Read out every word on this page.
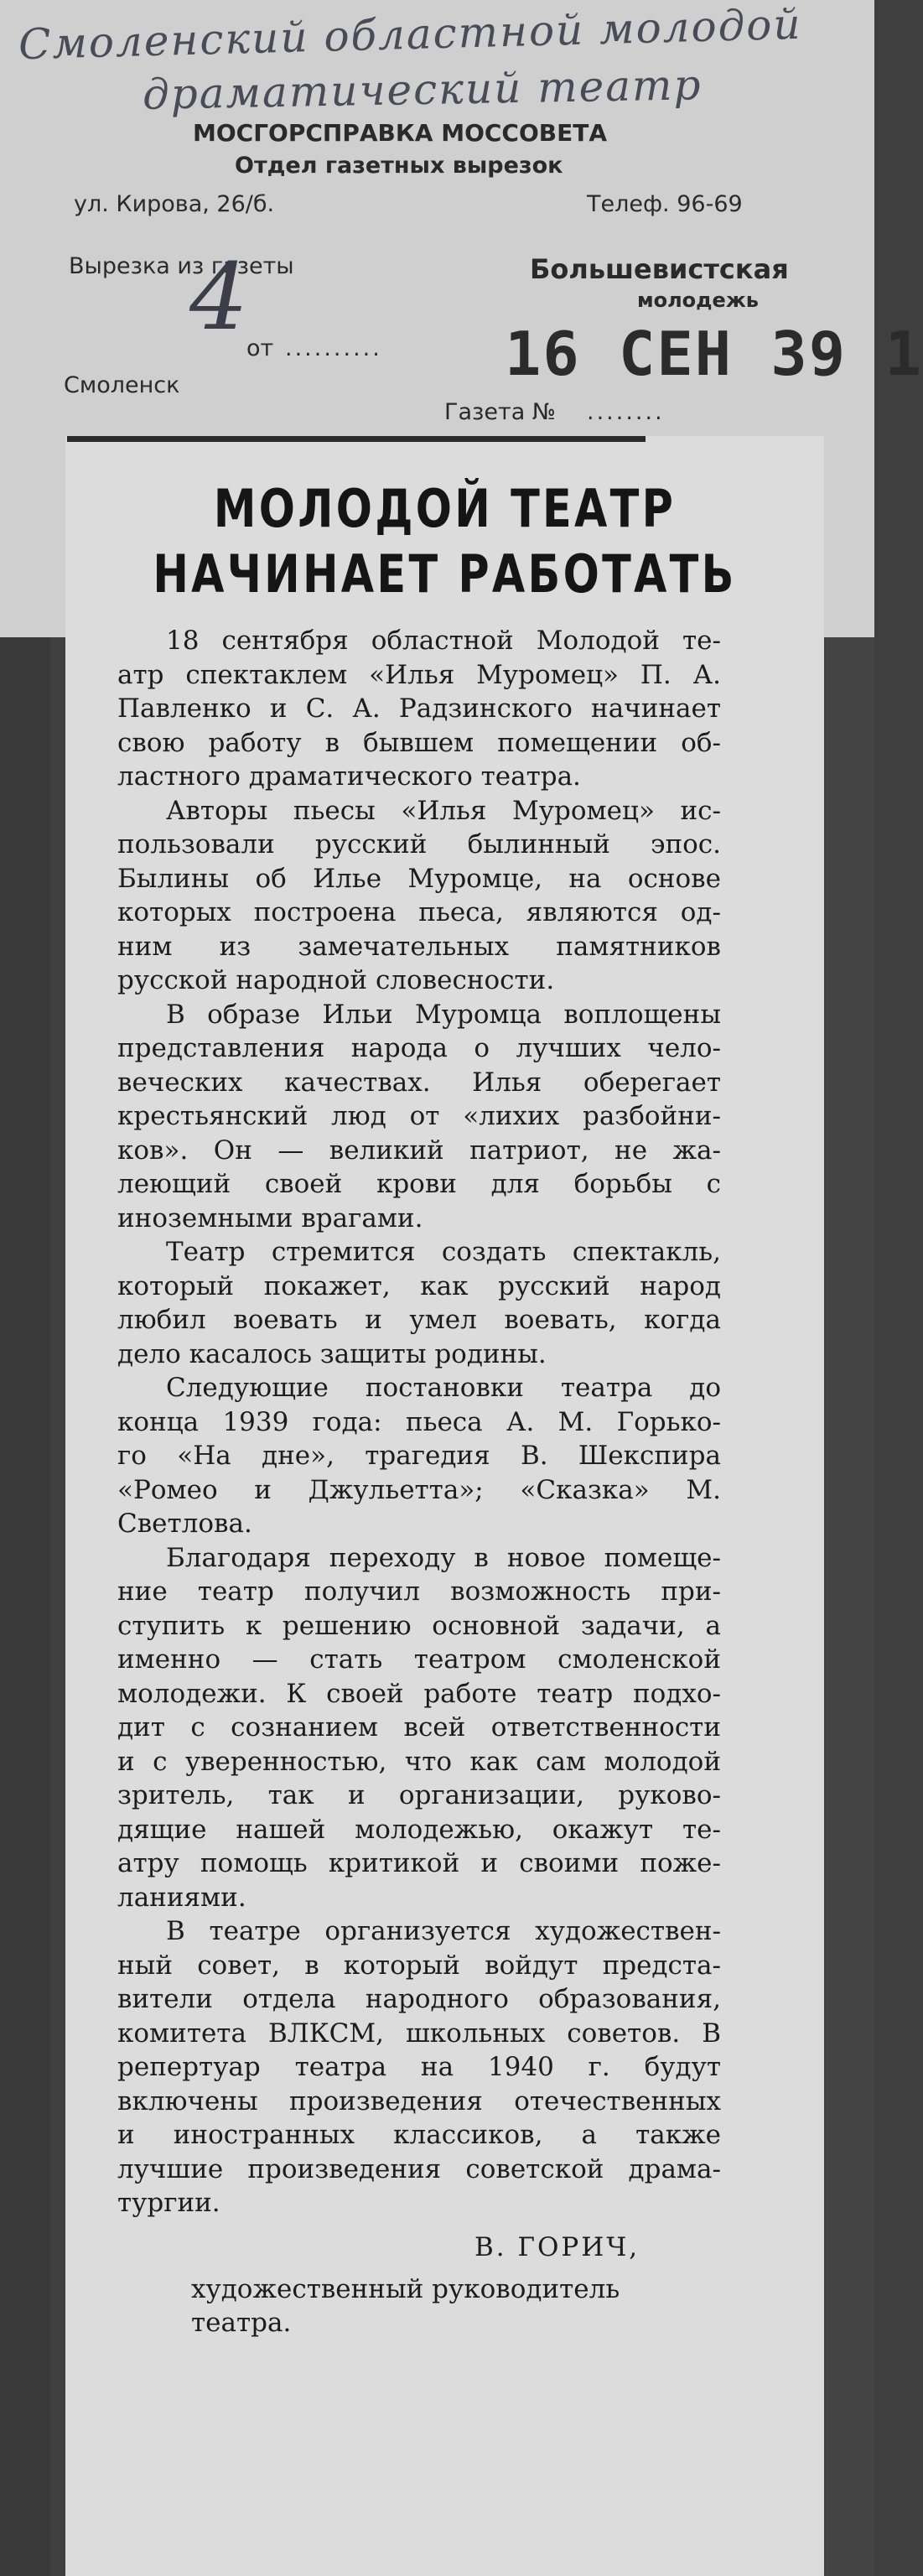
Смоленский областной молодой
драматический театр
МОСГОРСПРАВКА МОССОВЕТА
Отдел газетных вырезок
ул. Кирова, 26/б.	Телеф. 96-69
Вырезка из газеты	Большевистская
молодежь
4
от .......... 16 СЕН 39 1
Смоленск
Газета № ........
МОЛОДОЙ ТЕАТР
НАЧИНАЕТ РАБОТАТЬ
18 сентября областной Молодой те-
атр спектаклем «Илья Муромец» П. А.
Павленко и С. А. Радзинского начинает
свою работу в бывшем помещении об-
ластного драматического театра.
Авторы пьесы «Илья Муромец» ис-
пользовали русский былинный эпос.
Былины об Илье Муромце, на основе
которых построена пьеса, являются од-
ним из замечательных памятников
русской народной словесности.
В образе Ильи Муромца воплощены
представления народа о лучших чело-
веческих качествах. Илья оберегает
крестьянский люд от «лихих разбойни-
ков». Он — великий патриот, не жа-
леющий своей крови для борьбы с
иноземными врагами.
Театр стремится создать спектакль,
который покажет, как русский народ
любил воевать и умел воевать, когда
дело касалось защиты родины.
Следующие постановки театра до
конца 1939 года: пьеса А. М. Горько-
го «На дне», трагедия В. Шекспира
«Ромео и Джульетта»; «Сказка» М.
Светлова.
Благодаря переходу в новое помеще-
ние театр получил возможность при-
ступить к решению основной задачи, а
именно — стать театром смоленской
молодежи. К своей работе театр подхо-
дит с сознанием всей ответственности
и с уверенностью, что как сам молодой
зритель, так и организации, руково-
дящие нашей молодежью, окажут те-
атру помощь критикой и своими поже-
ланиями.
В театре организуется художествен-
ный совет, в который войдут предста-
вители отдела народного образования,
комитета ВЛКСМ, школьных советов. В
репертуар театра на 1940 г. будут
включены произведения отечественных
и иностранных классиков, а также
лучшие произведения советской драма-
тургии.
В. ГОРИЧ,
художественный руководитель
театра.
